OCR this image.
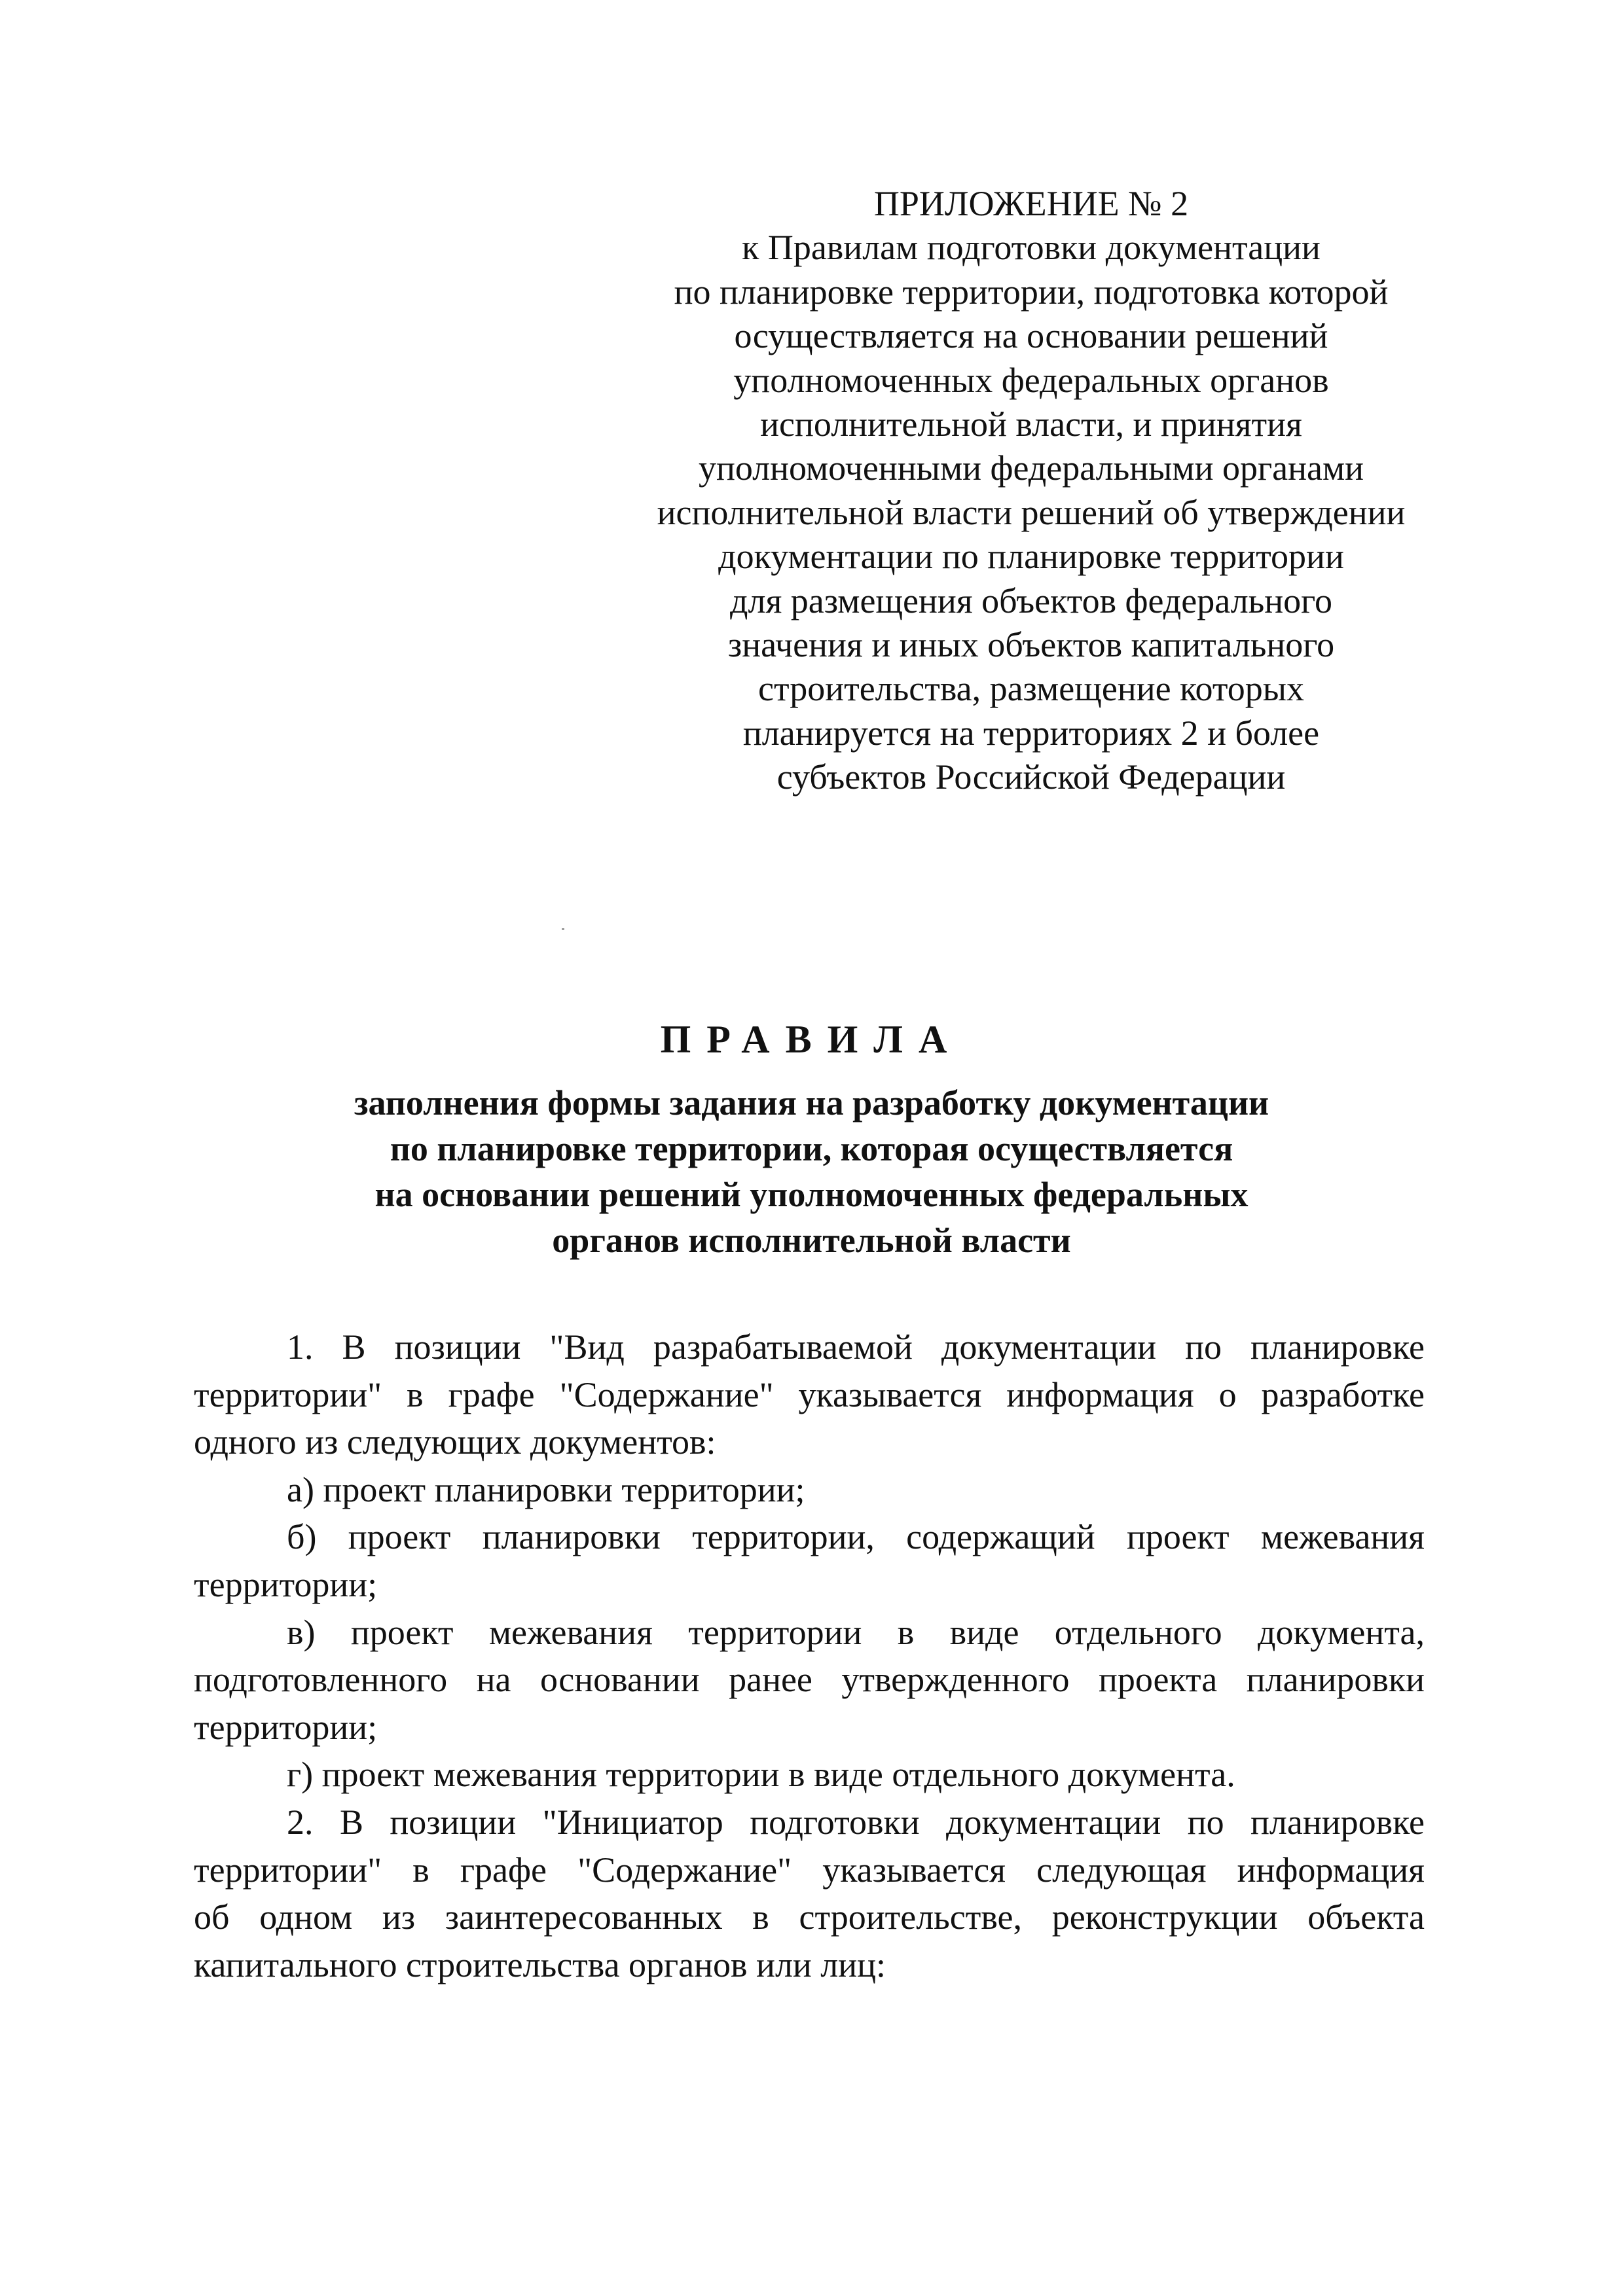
ПРИЛОЖЕНИЕ № 2
к Правилам подготовки документации
по планировке территории, подготовка которой
осуществляется на основании решений
уполномоченных федеральных органов
исполнительной власти, и принятия
уполномоченными федеральными органами
исполнительной власти решений об утверждении
документации по планировке территории
для размещения объектов федерального
значения и иных объектов капитального
строительства, размещение которых
планируется на территориях 2 и более
субъектов Российской Федерации
ПРАВИЛА
заполнения формы задания на разработку документации
по планировке территории, которая осуществляется
на основании решений уполномоченных федеральных
органов исполнительной власти
1. В позиции "Вид разрабатываемой документации по планировке
территории" в графе "Содержание" указывается информация о разработке
одного из следующих документов:
а) проект планировки территории;
б) проект планировки территории, содержащий проект межевания
территории;
в) проект межевания территории в виде отдельного документа,
подготовленного на основании ранее утвержденного проекта планировки
территории;
г) проект межевания территории в виде отдельного документа.
2. В позиции "Инициатор подготовки документации по планировке
территории" в графе "Содержание" указывается следующая информация
об одном из заинтересованных в строительстве, реконструкции объекта
капитального строительства органов или лиц:
